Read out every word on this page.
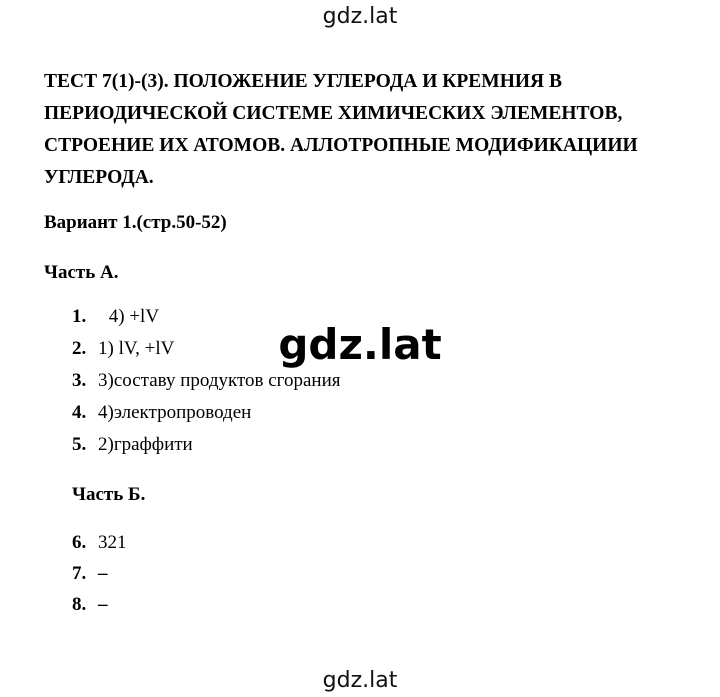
gdz.lat
ТЕСТ 7(1)-(3). ПОЛОЖЕНИЕ УГЛЕРОДА И КРЕМНИЯ В ПЕРИОДИЧЕСКОЙ СИСТЕМЕ ХИМИЧЕСКИХ ЭЛЕМЕНТОВ, СТРОЕНИЕ ИХ АТОМОВ. АЛЛОТРОПНЫЕ МОДИФИКАЦИИИ УГЛЕРОДА.
Вариант 1.(стр.50-52)
Часть А.
1. 4) +lV
2. 1) lV, +lV
3. 3)составу продуктов сгорания
4. 4)электропроводен
5. 2)граффити
gdz.lat
Часть Б.
6. 321
7. –
8. –
gdz.lat
